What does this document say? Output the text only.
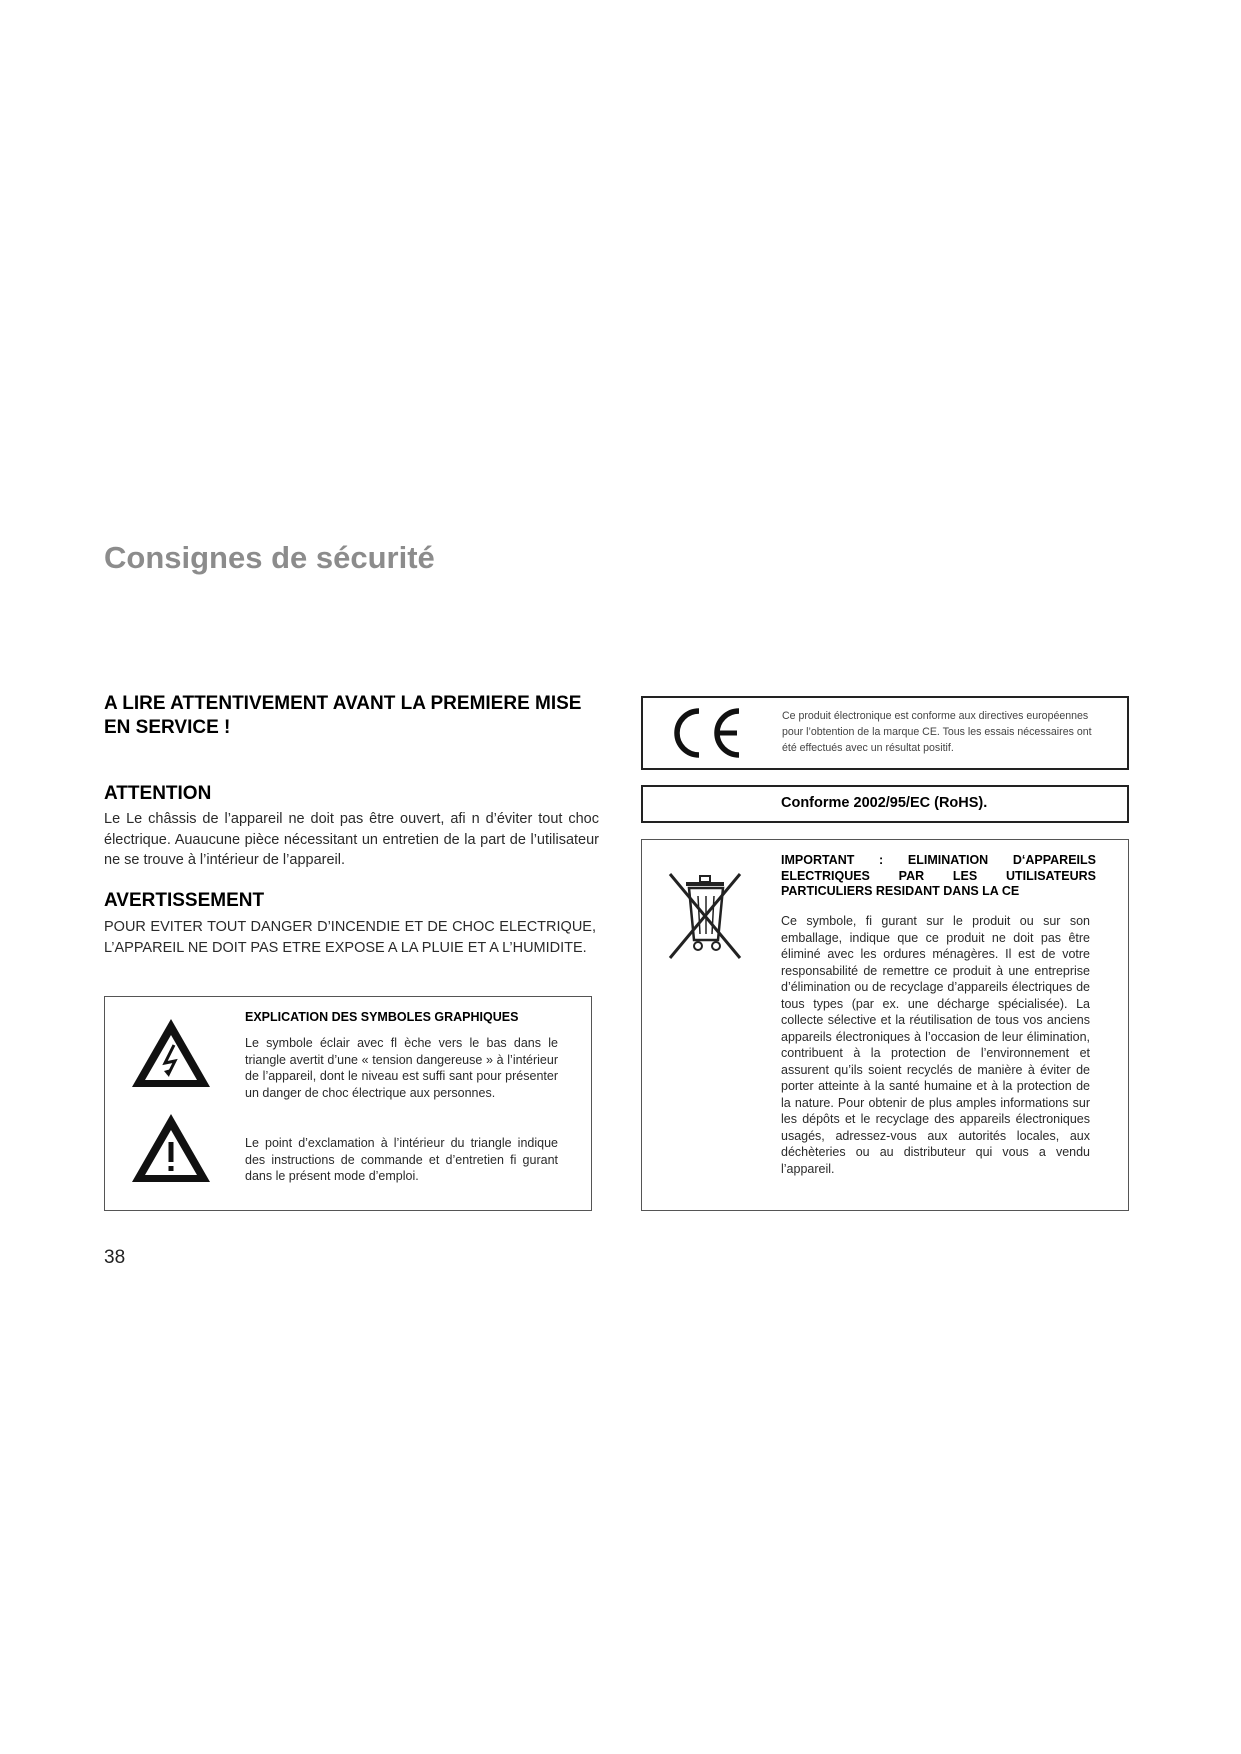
Consignes de sécurité
A LIRE ATTENTIVEMENT AVANT LA PREMIERE MISE EN SERVICE !
ATTENTION
Le Le châssis de l’appareil ne doit pas être ouvert, afi n d’éviter tout choc électrique. Auaucune pièce nécessitant un entretien de la part de l’utilisateur ne se trouve à l’intérieur de l’appareil.
AVERTISSEMENT
POUR EVITER TOUT DANGER D’INCENDIE ET DE CHOC ELECTRIQUE, L’APPAREIL NE DOIT PAS ETRE EXPOSE A LA PLUIE ET A L’HUMIDITE.
EXPLICATION DES SYMBOLES GRAPHIQUES
Le symbole éclair avec fl èche vers le bas dans le triangle avertit d’une « tension dangereuse » à l’intérieur de l’appareil, dont le niveau est suffi sant pour présenter un danger de choc électrique aux personnes.
Le point d’exclamation à l’intérieur du triangle indique des instructions de commande et d’entretien fi gurant dans le présent mode d’emploi.
Ce produit électronique est conforme aux directives européennes pour l’obtention de la marque CE. Tous les essais nécessaires ont été effectués avec un résultat positif.
Conforme 2002/95/EC (RoHS).
IMPORTANT : ELIMINATION D‘APPAREILS ELECTRIQUES PAR LES UTILISATEURS PARTICULIERS RESIDANT DANS LA CE
Ce symbole, fi gurant sur le produit ou sur son emballage, indique que ce produit ne doit pas être éliminé avec les ordures ménagères. Il est de votre responsabilité de remettre ce produit à une entreprise d’élimination ou de recyclage d’appareils électriques de tous types (par ex. une décharge spécialisée). La collecte sélective et la réutilisation de tous vos anciens appareils électroniques à l’occasion de leur élimination, contribuent à la protection de l’environnement et assurent qu’ils soient recyclés de manière à éviter de porter atteinte à la santé humaine et à la protection de la nature. Pour obtenir de plus amples informations sur les dépôts et le recyclage des appareils électroniques usagés, adressez-vous aux autorités locales, aux déchèteries ou au distributeur qui vous a vendu l’appareil.
38
